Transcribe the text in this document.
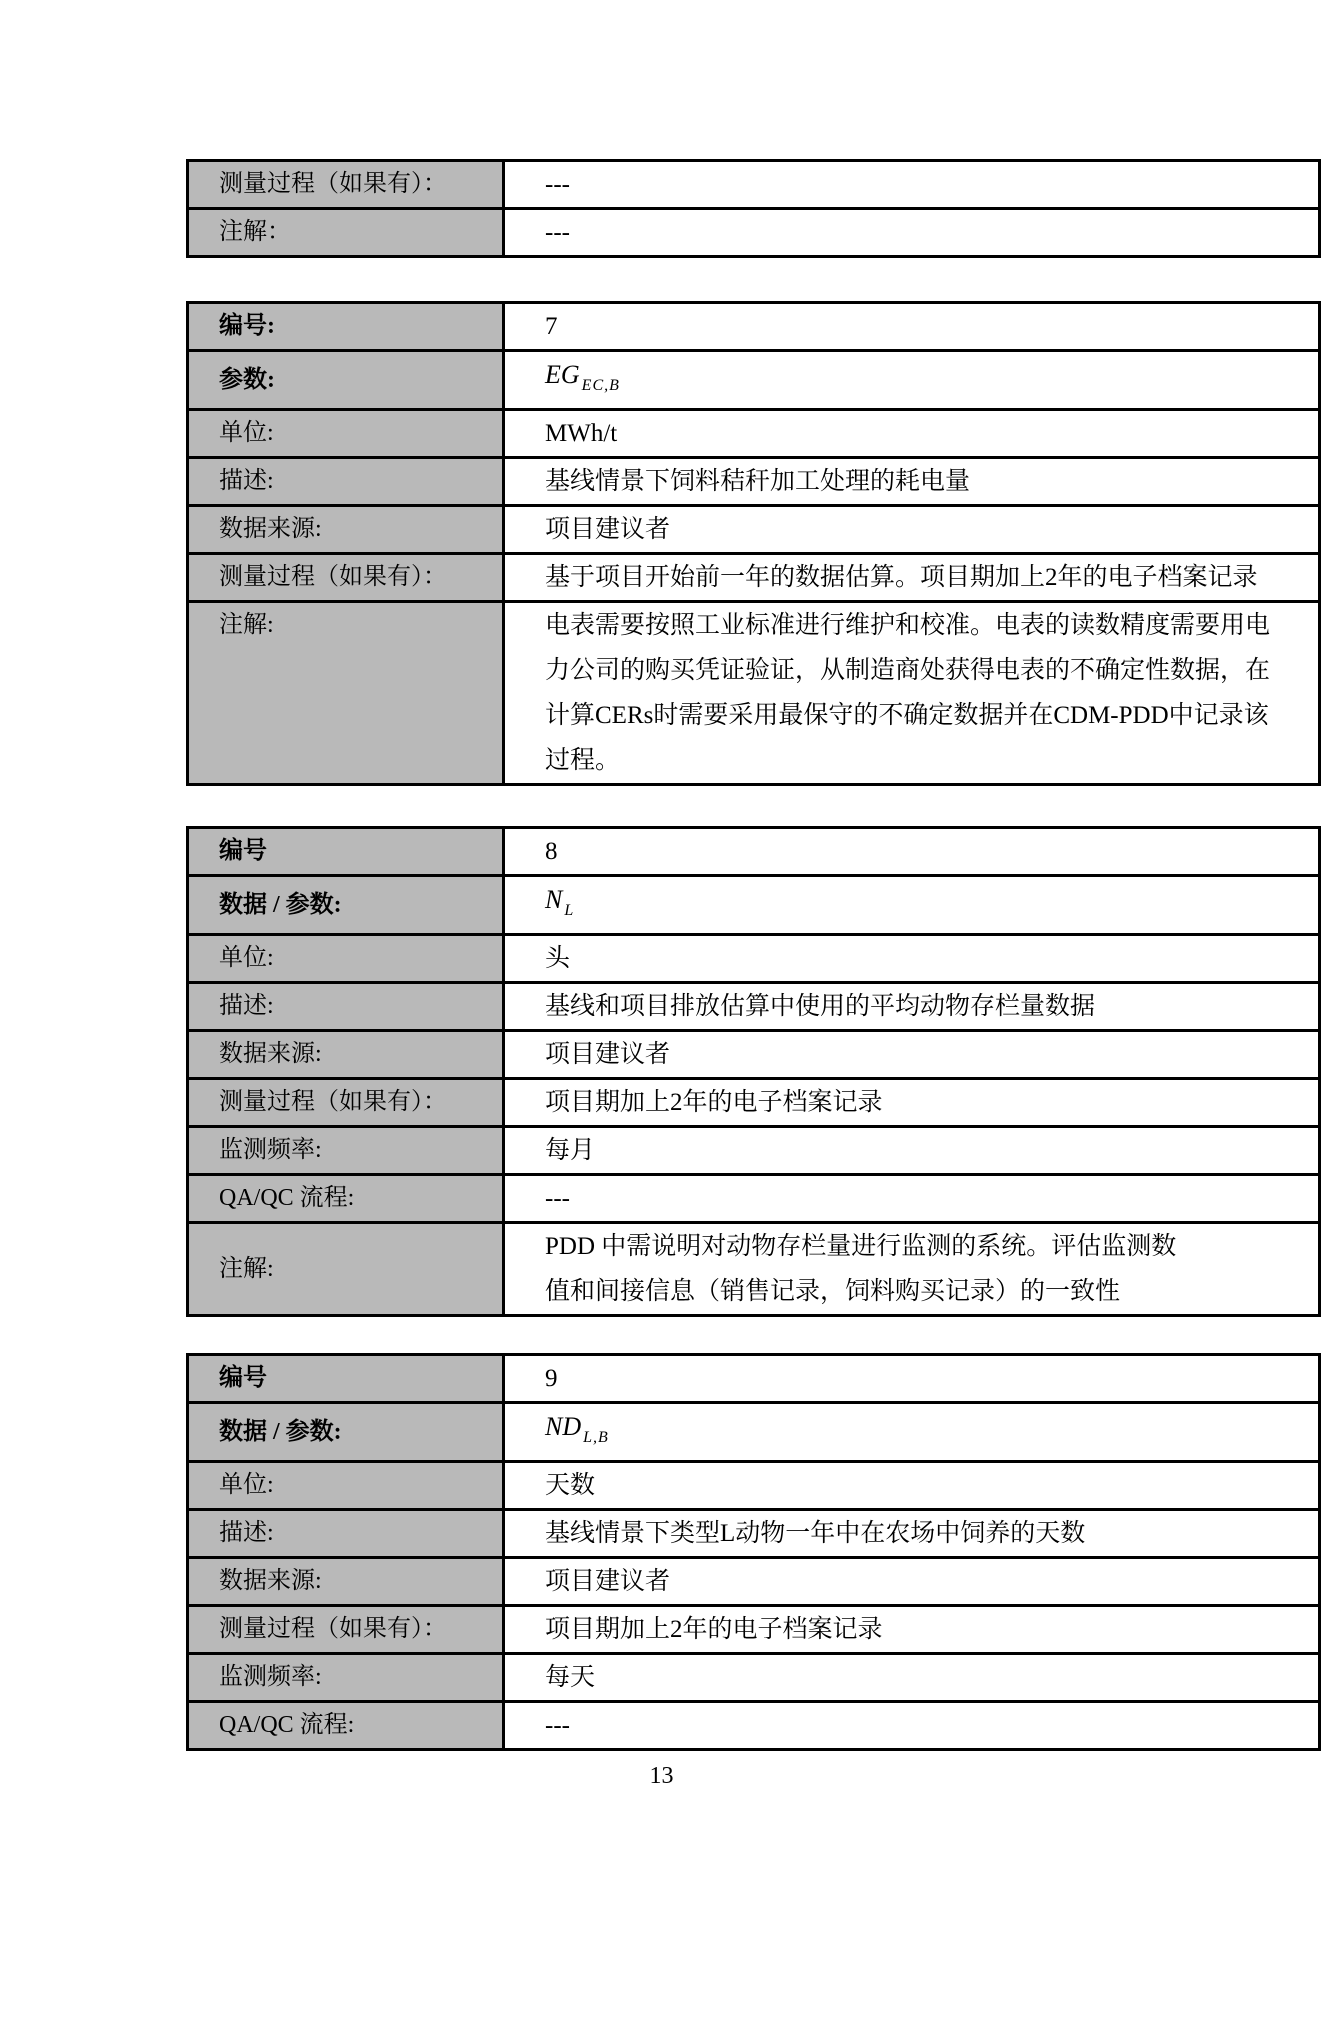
测量过程（如果有）：	---
注解：	---
编号:	7
参数:	EG $_{EC,B}$
单位:	MWh/t
描述:	基线情景下饲料秸秆加工处理的耗电量
数据来源:	项目建议者
测量过程（如果有）：	基于项目开始前一年的数据估算。项目期加上2年的电子档案记录
注解:	电表需要按照工业标准进行维护和校准。电表的读数精度需要用电力公司的购买凭证验证，从制造商处获得电表的不确定性数据，在计算CERs时需要采用最保守的不确定数据并在CDM-PDD中记录该过程。
编号	8
数据 / 参数:	N $_L$
单位:	头
描述:	基线和项目排放估算中使用的平均动物存栏量数据
数据来源:	项目建议者
测量过程（如果有）：	项目期加上2年的电子档案记录
监测频率:	每月
QA/QC 流程:	---
注解:	PDD 中需说明对动物存栏量进行监测的系统。评估监测数值和间接信息（销售记录，饲料购买记录）的一致性
编号	9
数据 / 参数:	ND $_{L,B}$
单位:	天数
描述:	基线情景下类型L动物一年中在农场中饲养的天数
数据来源:	项目建议者
测量过程（如果有）：	项目期加上2年的电子档案记录
监测频率:	每天
QA/QC 流程:	---
13
